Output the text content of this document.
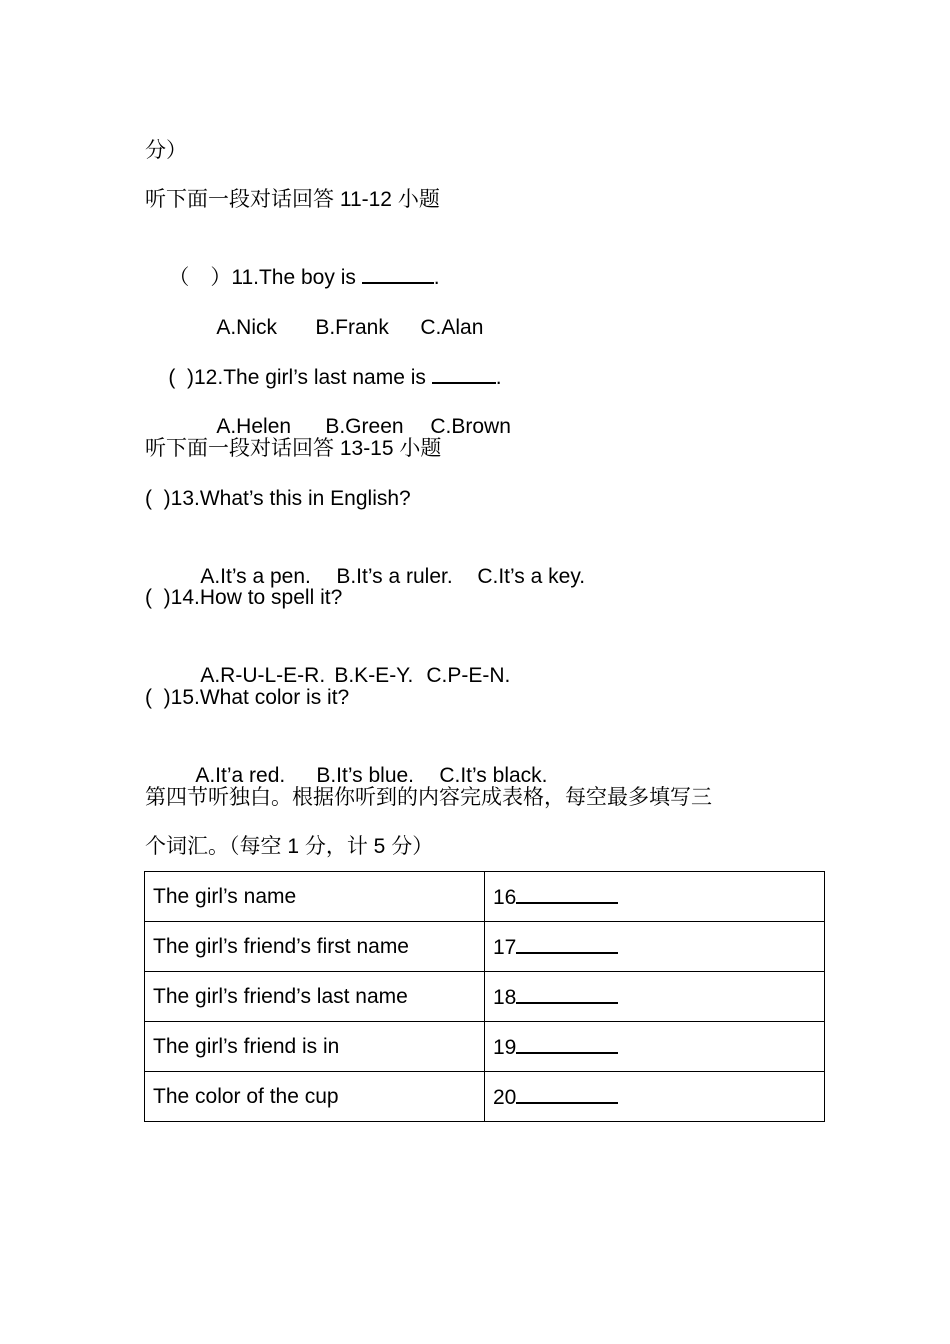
分）
听下面一段对话回答 11-12 小题

（　）11.The boy is	.

A.Nick B.Frank C.Alan

(  )12.The girl’s last name is	.

A.Helen B.Green C.Brown

听下面一段对话回答 13-15 小题
(  )13.What’s this in English?

A.It’s a pen. B.It’s a ruler. C.It’s a key.

(  )14.How to spell it?

A.R-U-L-E-R. B.K-E-Y. C.P-E-N.

(  )15.What color is it?

A.It’a red. B.It’s blue. C.It’s black.

第四节听独白。根据你听到的内容完成表格，每空最多填写三
个词汇。（每空 1 分，计 5 分）
The girl’s name	16
The girl’s friend’s first name	17
The girl’s friend’s last name	18
The girl’s friend is in	19
The color of the cup	20
